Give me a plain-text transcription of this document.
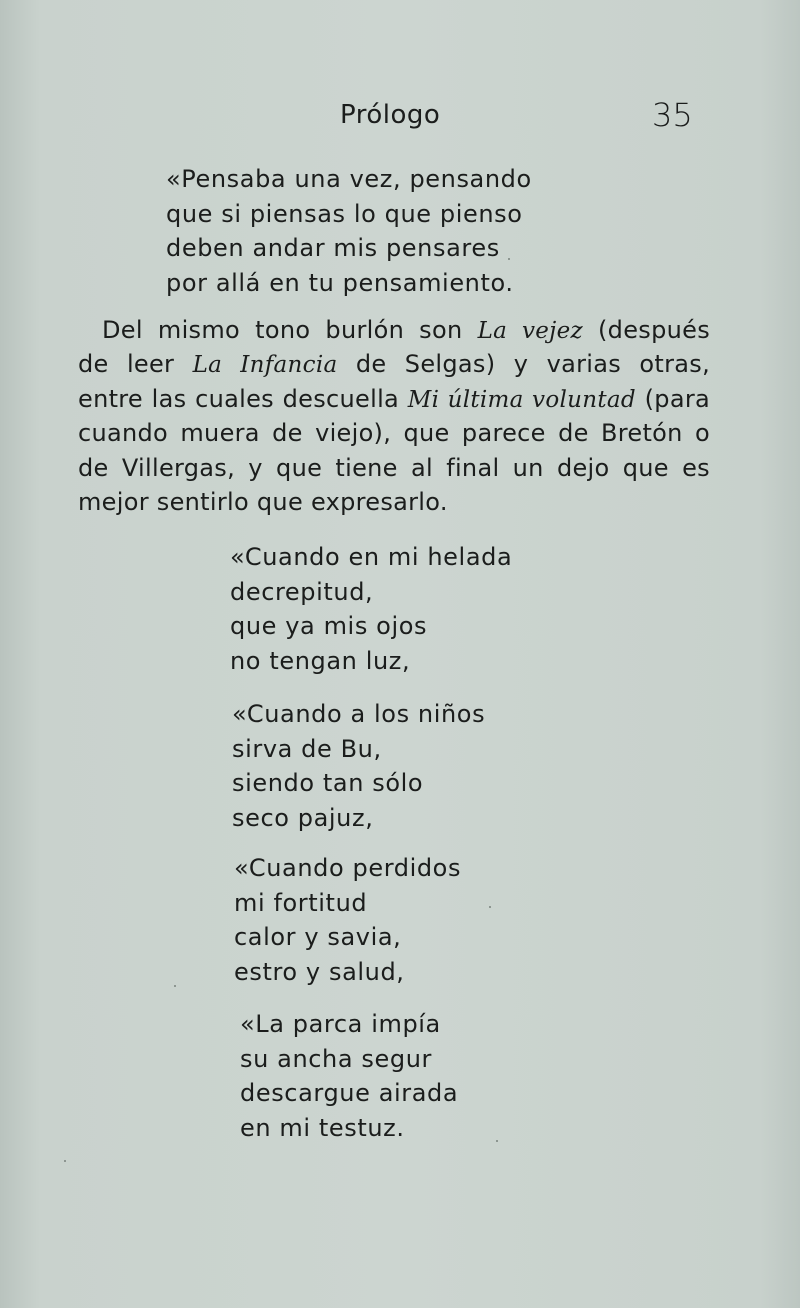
Prólogo	35
«Pensaba una vez, pensando
que si piensas lo que pienso
deben andar mis pensares
por allá en tu pensamiento.
Del mismo tono burlón son La vejez (después
de leer La Infancia de Selgas) y varias otras,
entre las cuales descuella Mi última voluntad (para
cuando muera de viejo), que parece de Bretón o
de Villergas, y que tiene al final un dejo que es
mejor sentirlo que expresarlo.
«Cuando en mi helada
decrepitud,
que ya mis ojos
no tengan luz,
«Cuando a los niños
sirva de Bu,
siendo tan sólo
seco pajuz,
«Cuando perdidos
mi fortitud
calor y savia,
estro y salud,
«La parca impía
su ancha segur
descargue airada
en mi testuz.
